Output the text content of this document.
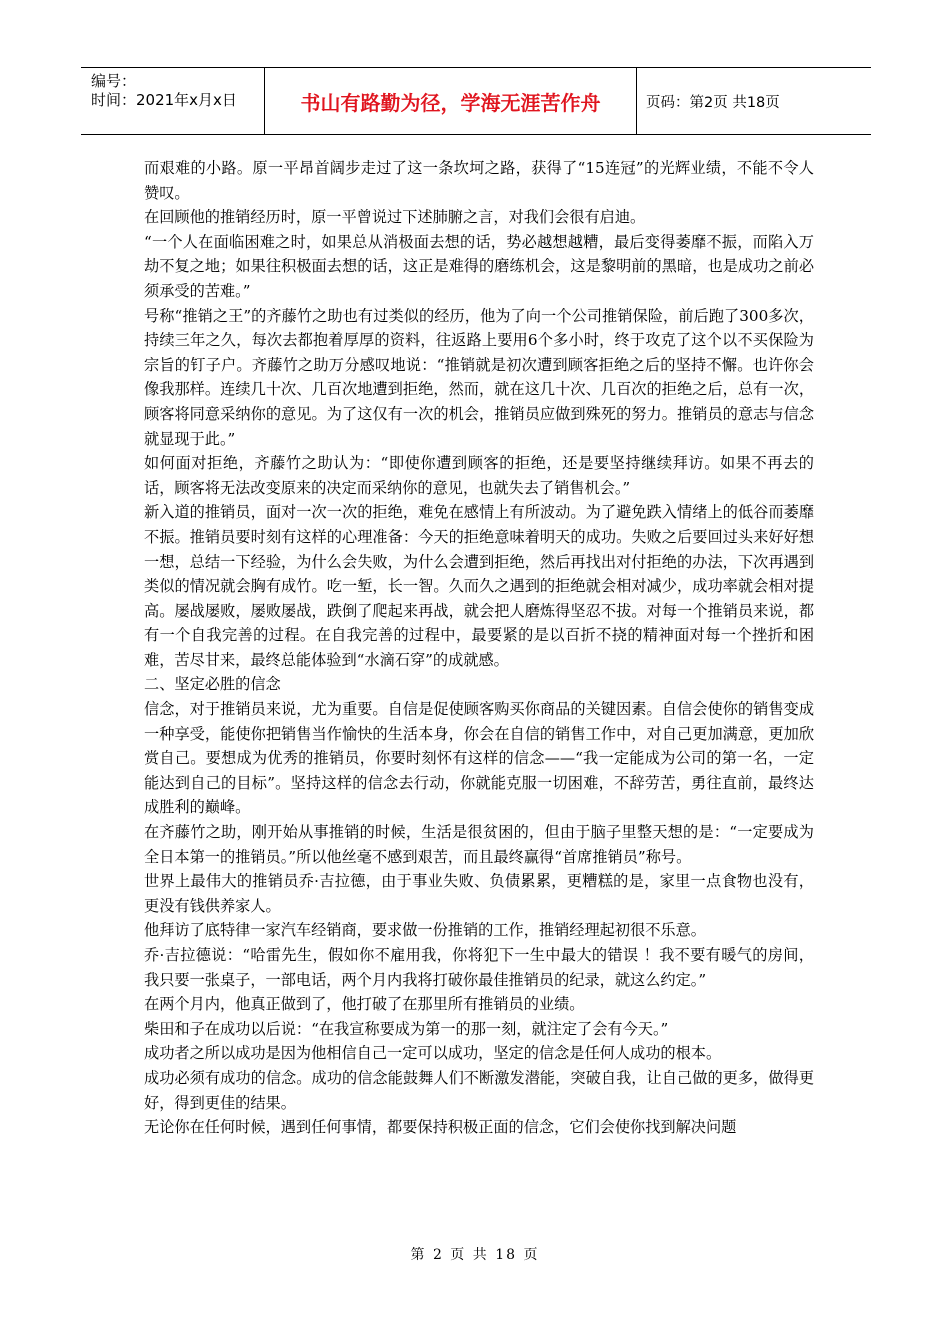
编号：
时间：2021年x月x日	书山有路勤为径，学海无涯苦作舟	页码：第2页 共18页

而艰难的小路。原一平昂首阔步走过了这一条坎坷之路，获得了“15连冠”的光辉业绩，不能不令人赞叹。

在回顾他的推销经历时，原一平曾说过下述肺腑之言，对我们会很有启迪。

“一个人在面临困难之时，如果总从消极面去想的话，势必越想越糟，最后变得萎靡不振，而陷入万劫不复之地；如果往积极面去想的话，这正是难得的磨练机会，这是黎明前的黑暗，也是成功之前必须承受的苦难。”

号称“推销之王”的齐藤竹之助也有过类似的经历，他为了向一个公司推销保险，前后跑了300多次，持续三年之久，每次去都抱着厚厚的资料，往返路上要用6个多小时，终于攻克了这个以不买保险为宗旨的钉子户。齐藤竹之助万分感叹地说：“推销就是初次遭到顾客拒绝之后的坚持不懈。也许你会像我那样。连续几十次、几百次地遭到拒绝，然而，就在这几十次、几百次的拒绝之后，总有一次，顾客将同意采纳你的意见。为了这仅有一次的机会，推销员应做到殊死的努力。推销员的意志与信念就显现于此。”

如何面对拒绝，齐藤竹之助认为：“即使你遭到顾客的拒绝，还是要坚持继续拜访。如果不再去的话，顾客将无法改变原来的决定而采纳你的意见，也就失去了销售机会。”

新入道的推销员，面对一次一次的拒绝，难免在感情上有所波动。为了避免跌入情绪上的低谷而萎靡不振。推销员要时刻有这样的心理准备：今天的拒绝意味着明天的成功。失败之后要回过头来好好想一想，总结一下经验，为什么会失败，为什么会遭到拒绝，然后再找出对付拒绝的办法，下次再遇到类似的情况就会胸有成竹。吃一堑，长一智。久而久之遇到的拒绝就会相对减少，成功率就会相对提高。屡战屡败，屡败屡战，跌倒了爬起来再战，就会把人磨炼得坚忍不拔。对每一个推销员来说，都有一个自我完善的过程。在自我完善的过程中，最要紧的是以百折不挠的精神面对每一个挫折和困难，苦尽甘来，最终总能体验到“水滴石穿”的成就感。

二、坚定必胜的信念

信念，对于推销员来说，尤为重要。自信是促使顾客购买你商品的关键因素。自信会使你的销售变成一种享受，能使你把销售当作愉快的生活本身，你会在自信的销售工作中，对自己更加满意，更加欣赏自己。要想成为优秀的推销员，你要时刻怀有这样的信念——“我一定能成为公司的第一名，一定能达到自己的目标”。坚持这样的信念去行动，你就能克服一切困难，不辞劳苦，勇往直前，最终达成胜利的巅峰。

在齐藤竹之助，刚开始从事推销的时候，生活是很贫困的，但由于脑子里整天想的是：“一定要成为全日本第一的推销员。”所以他丝毫不感到艰苦，而且最终赢得“首席推销员”称号。

世界上最伟大的推销员乔·吉拉德，由于事业失败、负债累累，更糟糕的是，家里一点食物也没有，更没有钱供养家人。

他拜访了底特律一家汽车经销商，要求做一份推销的工作，推销经理起初很不乐意。

乔·吉拉德说：“哈雷先生，假如你不雇用我，你将犯下一生中最大的错误 ！我不要有暖气的房间，我只要一张桌子，一部电话，两个月内我将打破你最佳推销员的纪录，就这么约定。”

在两个月内，他真正做到了，他打破了在那里所有推销员的业绩。

柴田和子在成功以后说：“在我宣称要成为第一的那一刻，就注定了会有今天。”

成功者之所以成功是因为他相信自己一定可以成功，坚定的信念是任何人成功的根本。

成功必须有成功的信念。成功的信念能鼓舞人们不断激发潜能，突破自我，让自己做的更多，做得更好，得到更佳的结果。

无论你在任何时候，遇到任何事情，都要保持积极正面的信念，它们会使你找到解决问题

第 2 页 共 18 页
